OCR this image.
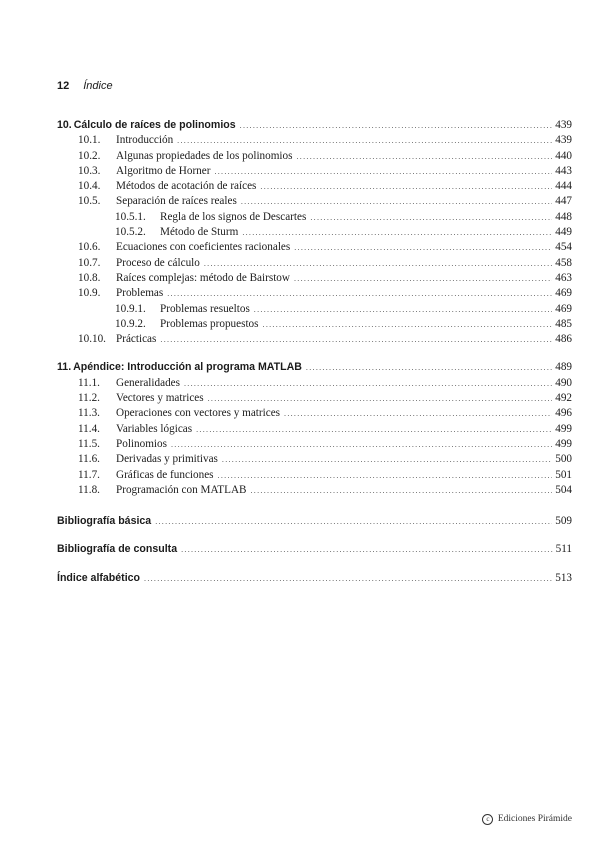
12 Índice
10. Cálculo de raíces de polinomios .....	439
10.1.	Introducción .....	439
10.2.	Algunas propiedades de los polinomios .....	440
10.3.	Algoritmo de Horner .....	443
10.4.	Métodos de acotación de raíces .....	444
10.5.	Separación de raíces reales .....	447
10.5.1.	Regla de los signos de Descartes .....	448
10.5.2.	Método de Sturm .....	449
10.6.	Ecuaciones con coeficientes racionales .....	454
10.7.	Proceso de cálculo .....	458
10.8.	Raíces complejas: método de Bairstow .....	463
10.9.	Problemas .....	469
10.9.1.	Problemas resueltos .....	469
10.9.2.	Problemas propuestos .....	485
10.10. Prácticas .....	486
11. Apéndice: Introducción al programa MATLAB .....	489
11.1.	Generalidades .....	490
11.2.	Vectores y matrices .....	492
11.3.	Operaciones con vectores y matrices .....	496
11.4.	Variables lógicas .....	499
11.5.	Polinomios .....	499
11.6.	Derivadas y primitivas .....	500
11.7.	Gráficas de funciones .....	501
11.8.	Programación con MATLAB .....	504
Bibliografía básica .....	509
Bibliografía de consulta .....	511
Índice alfabético .....	513
c Ediciones Pirámide
